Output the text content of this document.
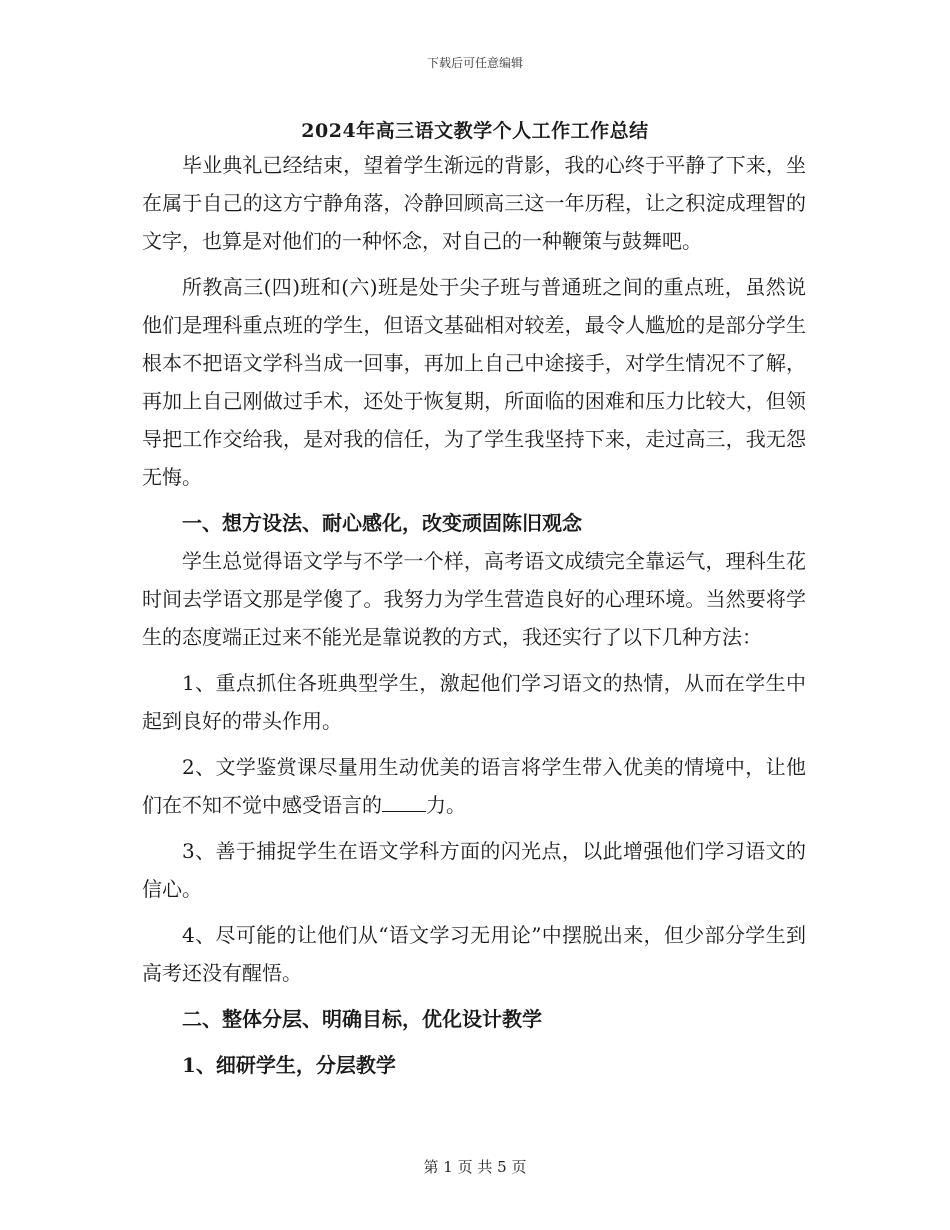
下载后可任意编辑
2024年高三语文教学个人工作工作总结

毕业典礼已经结束，望着学生渐远的背影，我的心终于平静了下来，坐在属于自己的这方宁静角落，冷静回顾高三这一年历程，让之积淀成理智的文字，也算是对他们的一种怀念，对自己的一种鞭策与鼓舞吧。

所教高三(四)班和(六)班是处于尖子班与普通班之间的重点班，虽然说他们是理科重点班的学生，但语文基础相对较差，最令人尴尬的是部分学生根本不把语文学科当成一回事，再加上自己中途接手，对学生情况不了解，再加上自己刚做过手术，还处于恢复期，所面临的困难和压力比较大，但领导把工作交给我，是对我的信任，为了学生我坚持下来，走过高三，我无怨无悔。

一、想方设法、耐心感化，改变顽固陈旧观念

学生总觉得语文学与不学一个样，高考语文成绩完全靠运气，理科生花时间去学语文那是学傻了。我努力为学生营造良好的心理环境。当然要将学生的态度端正过来不能光是靠说教的方式，我还实行了以下几种方法：

1、重点抓住各班典型学生，激起他们学习语文的热情，从而在学生中起到良好的带头作用。

2、文学鉴赏课尽量用生动优美的语言将学生带入优美的情境中，让他们在不知不觉中感受语言的 力。

3、善于捕捉学生在语文学科方面的闪光点，以此增强他们学习语文的信心。

4、尽可能的让他们从“语文学习无用论”中摆脱出来，但少部分学生到高考还没有醒悟。

二、整体分层、明确目标，优化设计教学

1、细研学生，分层教学

第 1 页 共 5 页
